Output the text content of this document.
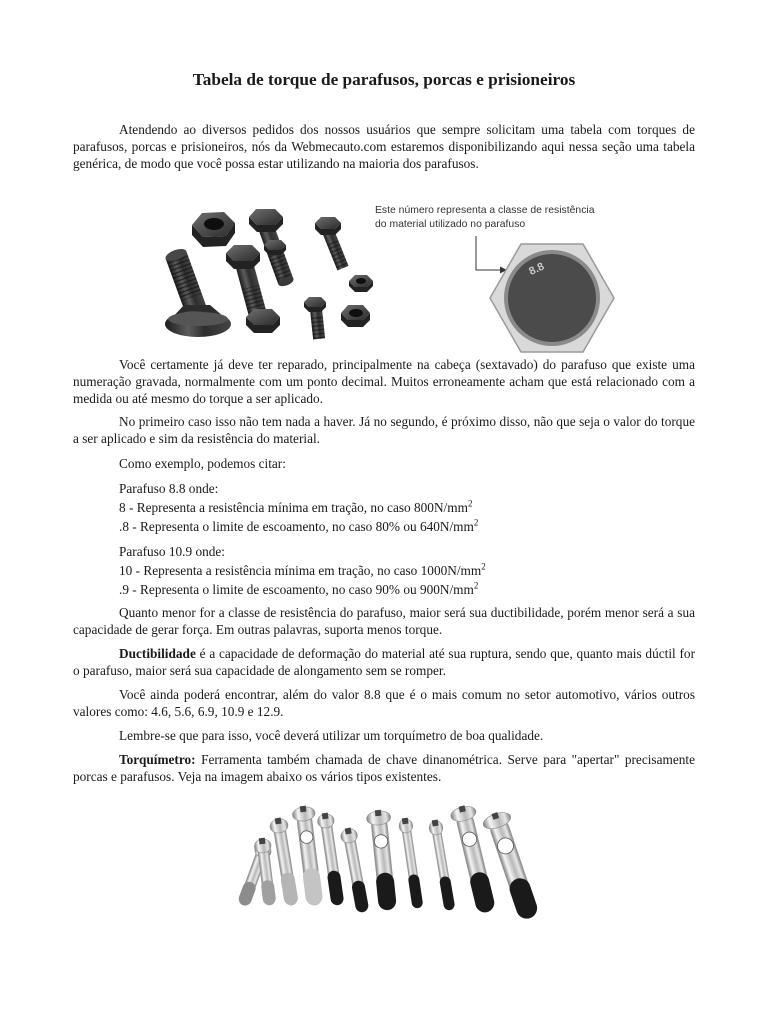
Tabela de torque de parafusos, porcas e prisioneiros
Atendendo ao diversos pedidos dos nossos usuários que sempre solicitam uma tabela com torques de parafusos, porcas e prisioneiros, nós da Webmecauto.com estaremos disponibilizando aqui nessa seção uma tabela genérica, de modo que você possa estar utilizando na maioria dos parafusos.
Este número representa a classe de resistência
do material utilizado no parafuso
8.8
Você certamente já deve ter reparado, principalmente na cabeça (sextavado) do parafuso que existe uma numeração gravada, normalmente com um ponto decimal. Muitos erroneamente acham que está relacionado com a medida ou até mesmo do torque a ser aplicado.
No primeiro caso isso não tem nada a haver. Já no segundo, é próximo disso, não que seja o valor do torque a ser aplicado e sim da resistência do material.
Como exemplo, podemos citar:
Parafuso 8.8 onde:
8 - Representa a resistência mínima em tração, no caso $800N/mm^2$
.8 - Representa o limite de escoamento, no caso 80% ou $640N/mm^2$
Parafuso 10.9 onde:
10 - Representa a resistência mínima em tração, no caso $1000N/mm^2$
.9 - Representa o limite de escoamento, no caso 90% ou $900N/mm^2$
Quanto menor for a classe de resistência do parafuso, maior será sua ductibilidade, porém menor será a sua capacidade de gerar força. Em outras palavras, suporta menos torque.
Ductibilidade é a capacidade de deformação do material até sua ruptura, sendo que, quanto mais dúctil for o parafuso, maior será sua capacidade de alongamento sem se romper.
Você ainda poderá encontrar, além do valor 8.8 que é o mais comum no setor automotivo, vários outros valores como: 4.6, 5.6, 6.9, 10.9 e 12.9.
Lembre-se que para isso, você deverá utilizar um torquímetro de boa qualidade.
Torquímetro: Ferramenta também chamada de chave dinanométrica. Serve para "apertar" precisamente porcas e parafusos. Veja na imagem abaixo os vários tipos existentes.
